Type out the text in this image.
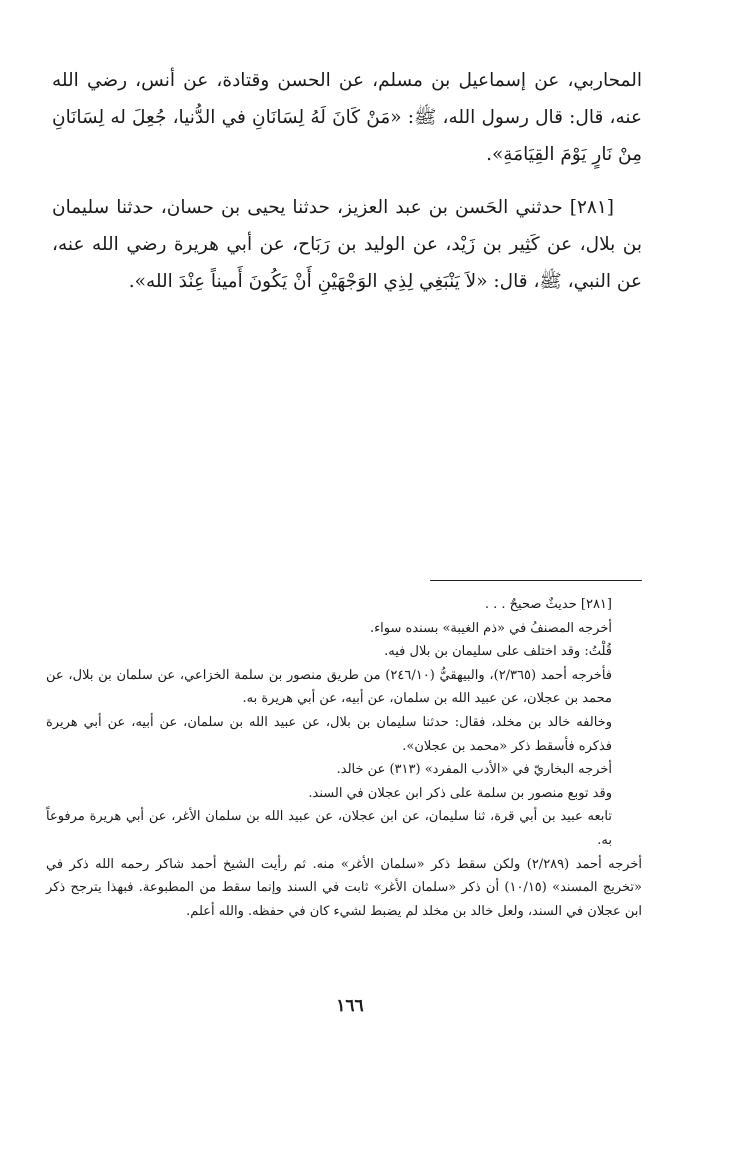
المحاربي، عن إسماعيل بن مسلم، عن الحسن وقتادة، عن أنس، رضي الله عنه، قال: قال رسول الله، ﷺ: «مَنْ كَانَ لَهُ لِسَانَانِ في الدُّنيا، جُعِلَ له لِسَانَانِ مِنْ نَارٍ يَوْمَ القِيَامَةِ».

[٢٨١] حدثني الحَسن بن عبد العزيز، حدثنا يحيى بن حسان، حدثنا سليمان بن بلال، عن كَثِير بن زَيْد، عن الوليد بن رَبَاح، عن أبي هريرة رضي الله عنه، عن النبي، ﷺ، قال: «لاَ يَنْبَغِي لِذِي الوَجْهَيْنِ أَنْ يَكُونَ أَميناً عِنْدَ الله».

[٢٨١] حديثٌ صحيحٌ . . .

أخرجه المصنفُ في «ذم الغيبة» بسنده سواء.

قُلْتُ: وقد اختلف على سليمان بن بلال فيه.

فأخرجه أحمد (٢/٣٦٥)، والبيهقيُّ (٢٤٦/١٠) من طريق منصور بن سلمة الخزاعي، عن سلمان بن بلال، عن محمد بن عجلان، عن عبيد الله بن سلمان، عن أبيه، عن أبي هريرة به.

وخالفه خالد بن مخلد، فقال: حدثنا سليمان بن بلال، عن عبيد الله بن سلمان، عن أبيه، عن أبي هريرة فذكره فأسقط ذكر «محمد بن عجلان».

أخرجه البخاريّ في «الأدب المفرد» (٣١٣) عن خالد.

وقد توبع منصور بن سلمة على ذكر ابن عجلان في السند.

تابعه عبيد بن أبي قرة، ثنا سليمان، عن ابن عجلان، عن عبيد الله بن سلمان الأغر، عن أبي هريرة مرفوعاً به.

أخرجه أحمد (٢/٢٨٩) ولكن سقط ذكر «سلمان الأغر» منه. ثم رأيت الشيخ أحمد شاكر رحمه الله ذكر في «تخريج المسند» (١٠/١٥) أن ذكر «سلمان الأغر» ثابت في السند وإنما سقط من المطبوعة. فبهذا يترجح ذكر ابن عجلان في السند، ولعل خالد بن مخلد لم يضبط لشيء كان في حفظه. والله أعلم.

١٦٦
